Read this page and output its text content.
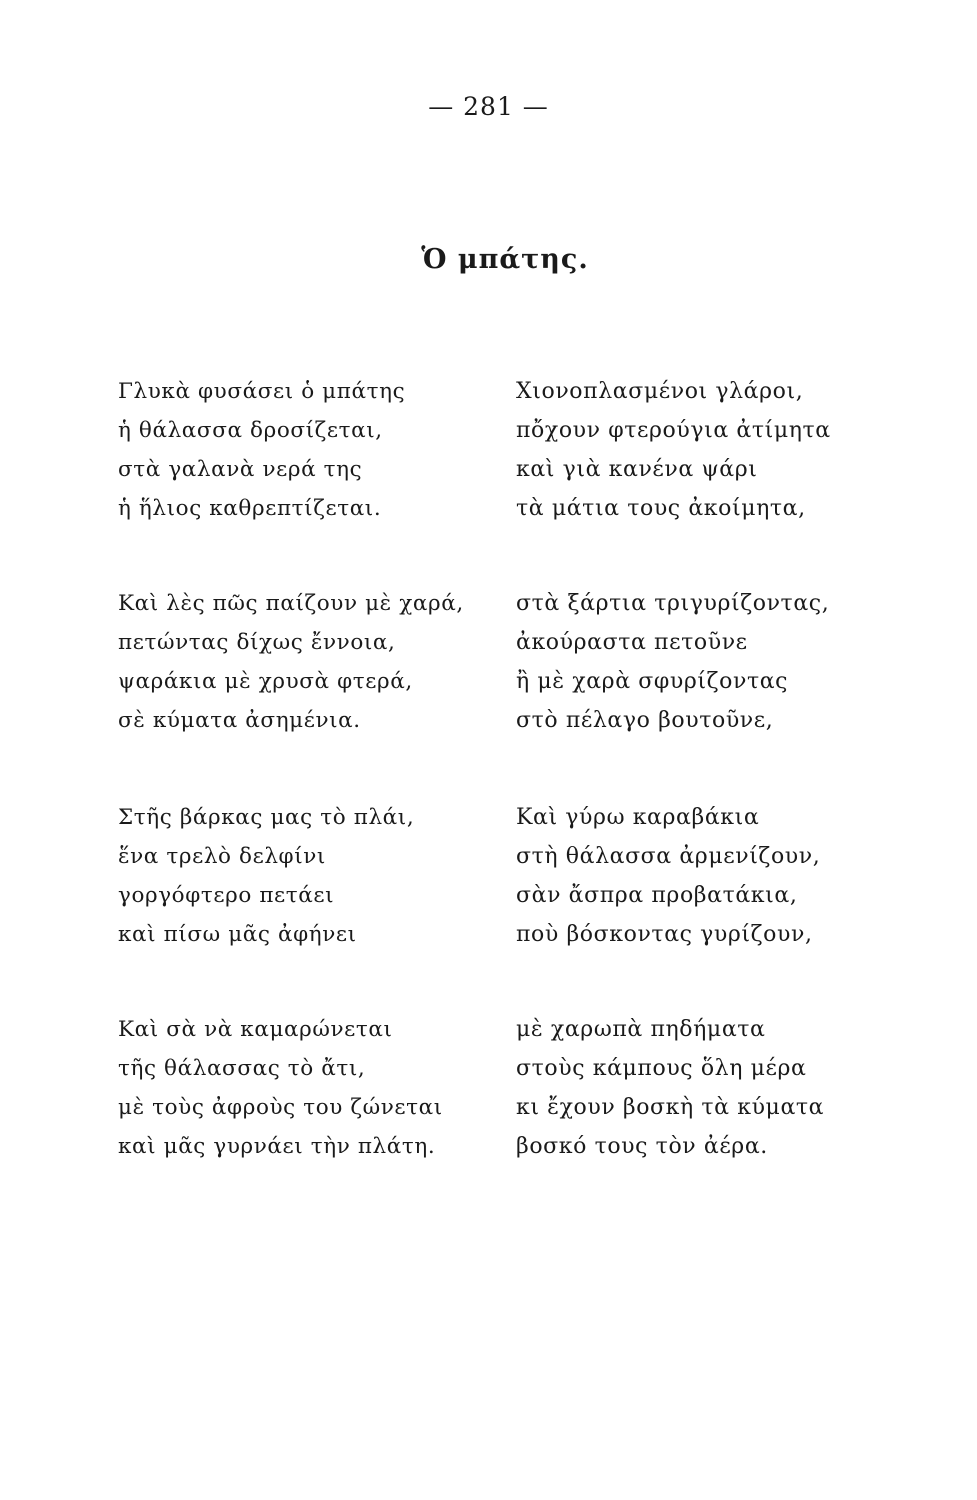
— 281 —
Ὁ μπάτης.
Γλυκὰ φυσάσει ὁ μπάτης
ἡ θάλασσα δροσίζεται,
στὰ γαλανὰ νερά της
ἡ ἥλιος καθρεπτίζεται.
Καὶ λὲς πῶς παίζουν μὲ χαρά,
πετώντας δίχως ἔννοια,
ψαράκια μὲ χρυσὰ φτερά,
σὲ κύματα ἀσημένια.
Στῆς βάρκας μας τὸ πλάι,
ἕνα τρελὸ δελφίνι
γοργόφτερο πετάει
καὶ πίσω μᾶς ἀφήνει
Καὶ σὰ νὰ καμαρώνεται
τῆς θάλασσας τὸ ἄτι,
μὲ τοὺς ἀφροὺς του ζώνεται
καὶ μᾶς γυρνάει τὴν πλάτη.
Χιονοπλασμένοι γλάροι,
πὄχουν φτερούγια ἀτίμητα
καὶ γιὰ κανένα ψάρι
τὰ μάτια τους ἀκοίμητα,
στὰ ξάρτια τριγυρίζοντας,
ἀκούραστα πετοῦνε
ἢ μὲ χαρὰ σφυρίζοντας
στὸ πέλαγο βουτοῦνε,
Καὶ γύρω καραβάκια
στὴ θάλασσα ἀρμενίζουν,
σὰν ἄσπρα προβατάκια,
ποὺ βόσκοντας γυρίζουν,
μὲ χαρωπὰ πηδήματα
στοὺς κάμπους ὅλη μέρα
κι ἔχουν βοσκὴ τὰ κύματα
βοσκό τους τὸν ἀέρα.
